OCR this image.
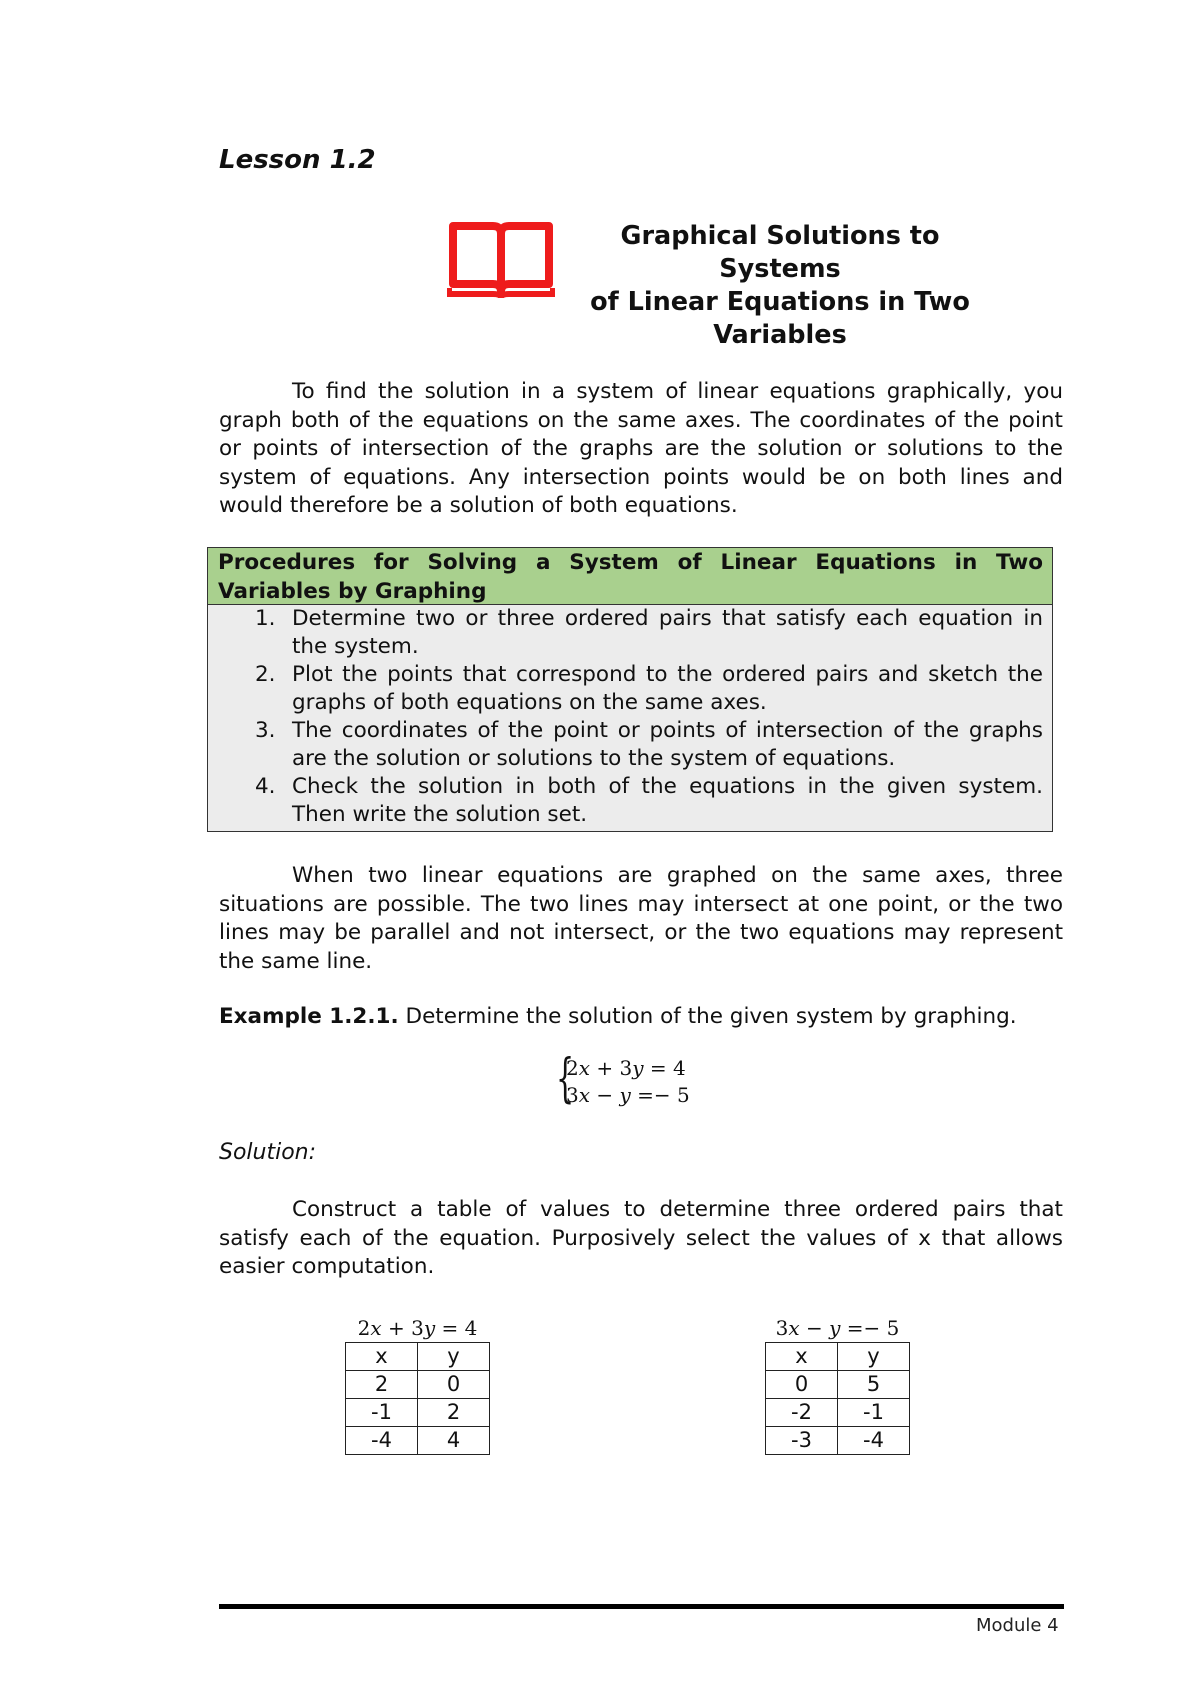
Lesson 1.2
Graphical Solutions to Systems
of Linear Equations in Two
Variables

To find the solution in a system of linear equations graphically, you graph both of the equations on the same axes. The coordinates of the point or points of intersection of the graphs are the solution or solutions to the system of equations. Any intersection points would be on both lines and would therefore be a solution of both equations.

Procedures for Solving a System of Linear Equations in Two Variables by Graphing
1. Determine two or three ordered pairs that satisfy each equation in the system.
2. Plot the points that correspond to the ordered pairs and sketch the graphs of both equations on the same axes.
3. The coordinates of the point or points of intersection of the graphs are the solution or solutions to the system of equations.
4. Check the solution in both of the equations in the given system. Then write the solution set.

When two linear equations are graphed on the same axes, three situations are possible. The two lines may intersect at one point, or the two lines may be parallel and not intersect, or the two equations may represent the same line.

Example 1.2.1. Determine the solution of the given system by graphing.
{
2𝑥 + 3𝑦 = 4
3𝑥 − 𝑦 =− 5
Solution:

Construct a table of values to determine three ordered pairs that satisfy each of the equation. Purposively select the values of x that allows easier computation.

2𝑥 + 3𝑦 = 4
x	y
2	0
-1	2
-4	4
3𝑥 − 𝑦 =− 5
x	y
0	5
-2	-1
-3	-4
Module 4
